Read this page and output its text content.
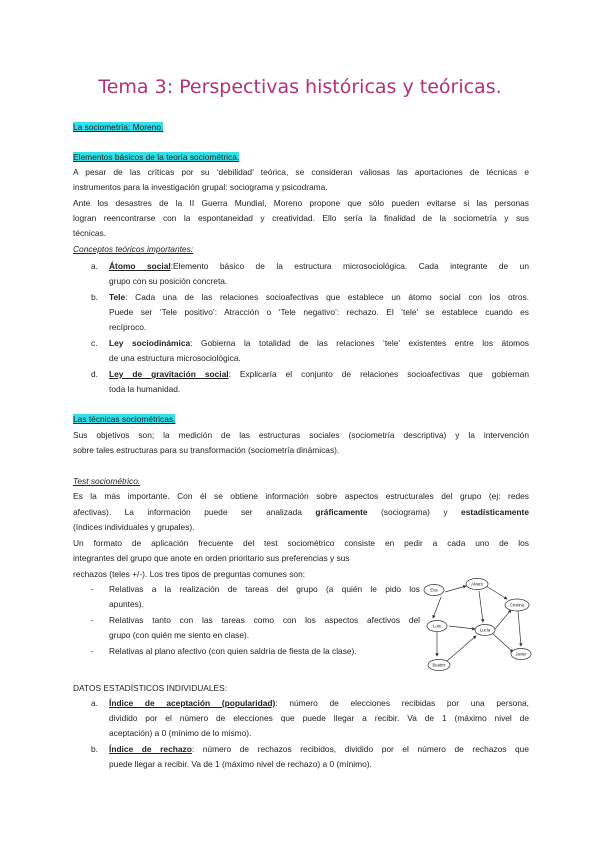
Tema 3: Perspectivas históricas y teóricas.
La sociometría: Moreno.
Elementos básicos de la teoría sociométrica.
A pesar de las críticas por su ‘debilidad’ teórica, se consideran valiosas las aportaciones de técnicas e
instrumentos para la investigación grupal: sociograma y psicodrama.
Ante los desastres de la II Guerra Mundial, Moreno propone que sólo pueden evitarse si las personas
logran reencontrarse con la espontaneidad y creatividad. Ello sería la finalidad de la sociometría y sus
técnicas.
Conceptos teóricos importantes:
a. Átomo social:Elemento básico de la estructura microsociológica. Cada integrante de un
grupo con su posición concreta.
b. Tele: Cada una de las relaciones socioafectivas que establece un átomo social con los otros.
Puede ser ‘Tele positivo’: Atracción o ‘Tele negativo’: rechazo. El ‘tele’ se establece cuando es
recíproco.
c. Ley sociodinámica: Gobierna la totalidad de las relaciones ‘tele’ existentes entre los átomos
de una estructura microsociológica.
d. Ley de gravitación social: Explicaría el conjunto de relaciones socioafectivas que gobiernan
toda la humanidad.
Las técnicas sociométricas.
Sus objetivos son; la medición de las estructuras sociales (sociometría descriptiva) y la intervención
sobre tales estructuras para su transformación (sociometría dinámicas).
Test sociométrico.
Es la más importante. Con él se obtiene información sobre aspectos estructurales del grupo (ej: redes
afectivas). La información puede ser analizada gráficamente (sociograma) y estadísticamente
(índices individuales y grupales).
Un formato de aplicación frecuente del test sociométrico consiste en pedir a cada uno de los
integrantes del grupo que anote en orden prioritario sus preferencias y sus
rechazos (teles +/-). Los tres tipos de preguntas comunes son:
- Relativas a la realización de tareas del grupo (a quién le pido los
apuntes).
- Relativas tanto con las tareas como con los aspectos afectivos del
grupo (con quién me siento en clase).
- Relativas al plano afectivo (con quien saldría de fiesta de la clase).
Eva
Alvaro
Cristina
Luis
Lucía
Javier
Beatriz
DATOS ESTADÍSTICOS INDIVIDUALES:
a. Índice de aceptación (popularidad): número de elecciones recibidas por una persona,
dividido por el número de elecciones que puede llegar a recibir. Va de 1 (máximo nivel de
aceptación) a 0 (mínimo de lo mismo).
b. Índice de rechazo: número de rechazos recibidos, dividido por el número de rechazos que
puede llegar a recibir. Va de 1 (máximo nivel de rechazo) a 0 (mínimo).
